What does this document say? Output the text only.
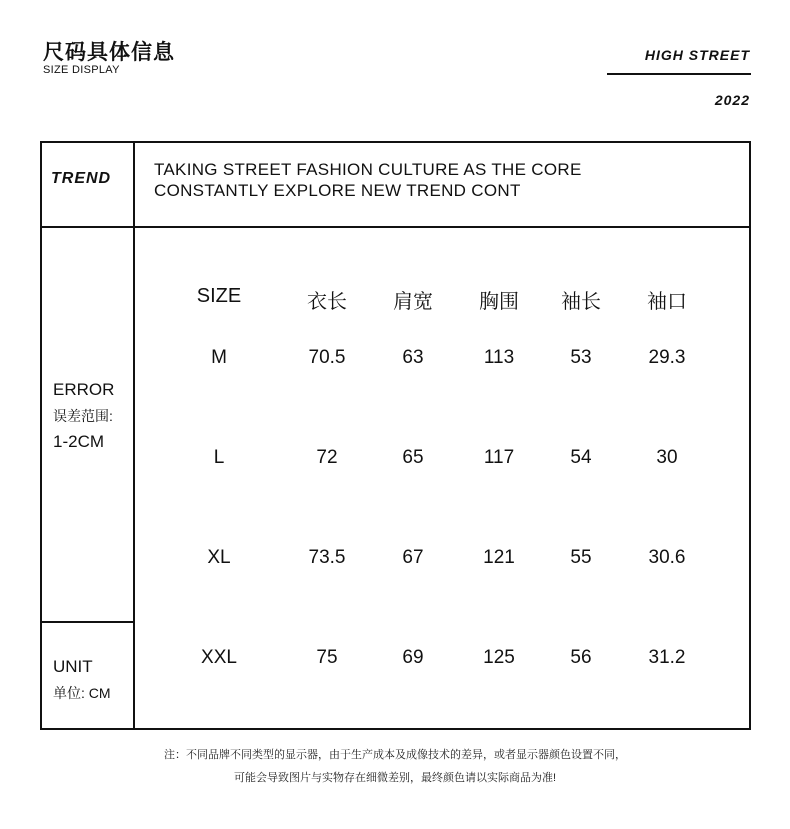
尺码具体信息
SIZE DISPLAY
HIGH STREET
2022
TREND	TAKING STREET FASHION CULTURE AS THE CORE
CONSTANTLY EXPLORE NEW TREND CONT
ERROR
误差范围:
1-2CM
UNIT
单位: CM
SIZE	衣长	肩宽	胸围	袖长	袖口
M	70.5	63	113	53	29.3
L	72	65	117	54	30
XL	73.5	67	121	55	30.6
XXL	75	69	125	56	31.2
注：不同品牌不同类型的显示器，由于生产成本及成像技术的差异，或者显示器颜色设置不同，
可能会导致图片与实物存在细微差别，最终颜色请以实际商品为准!
